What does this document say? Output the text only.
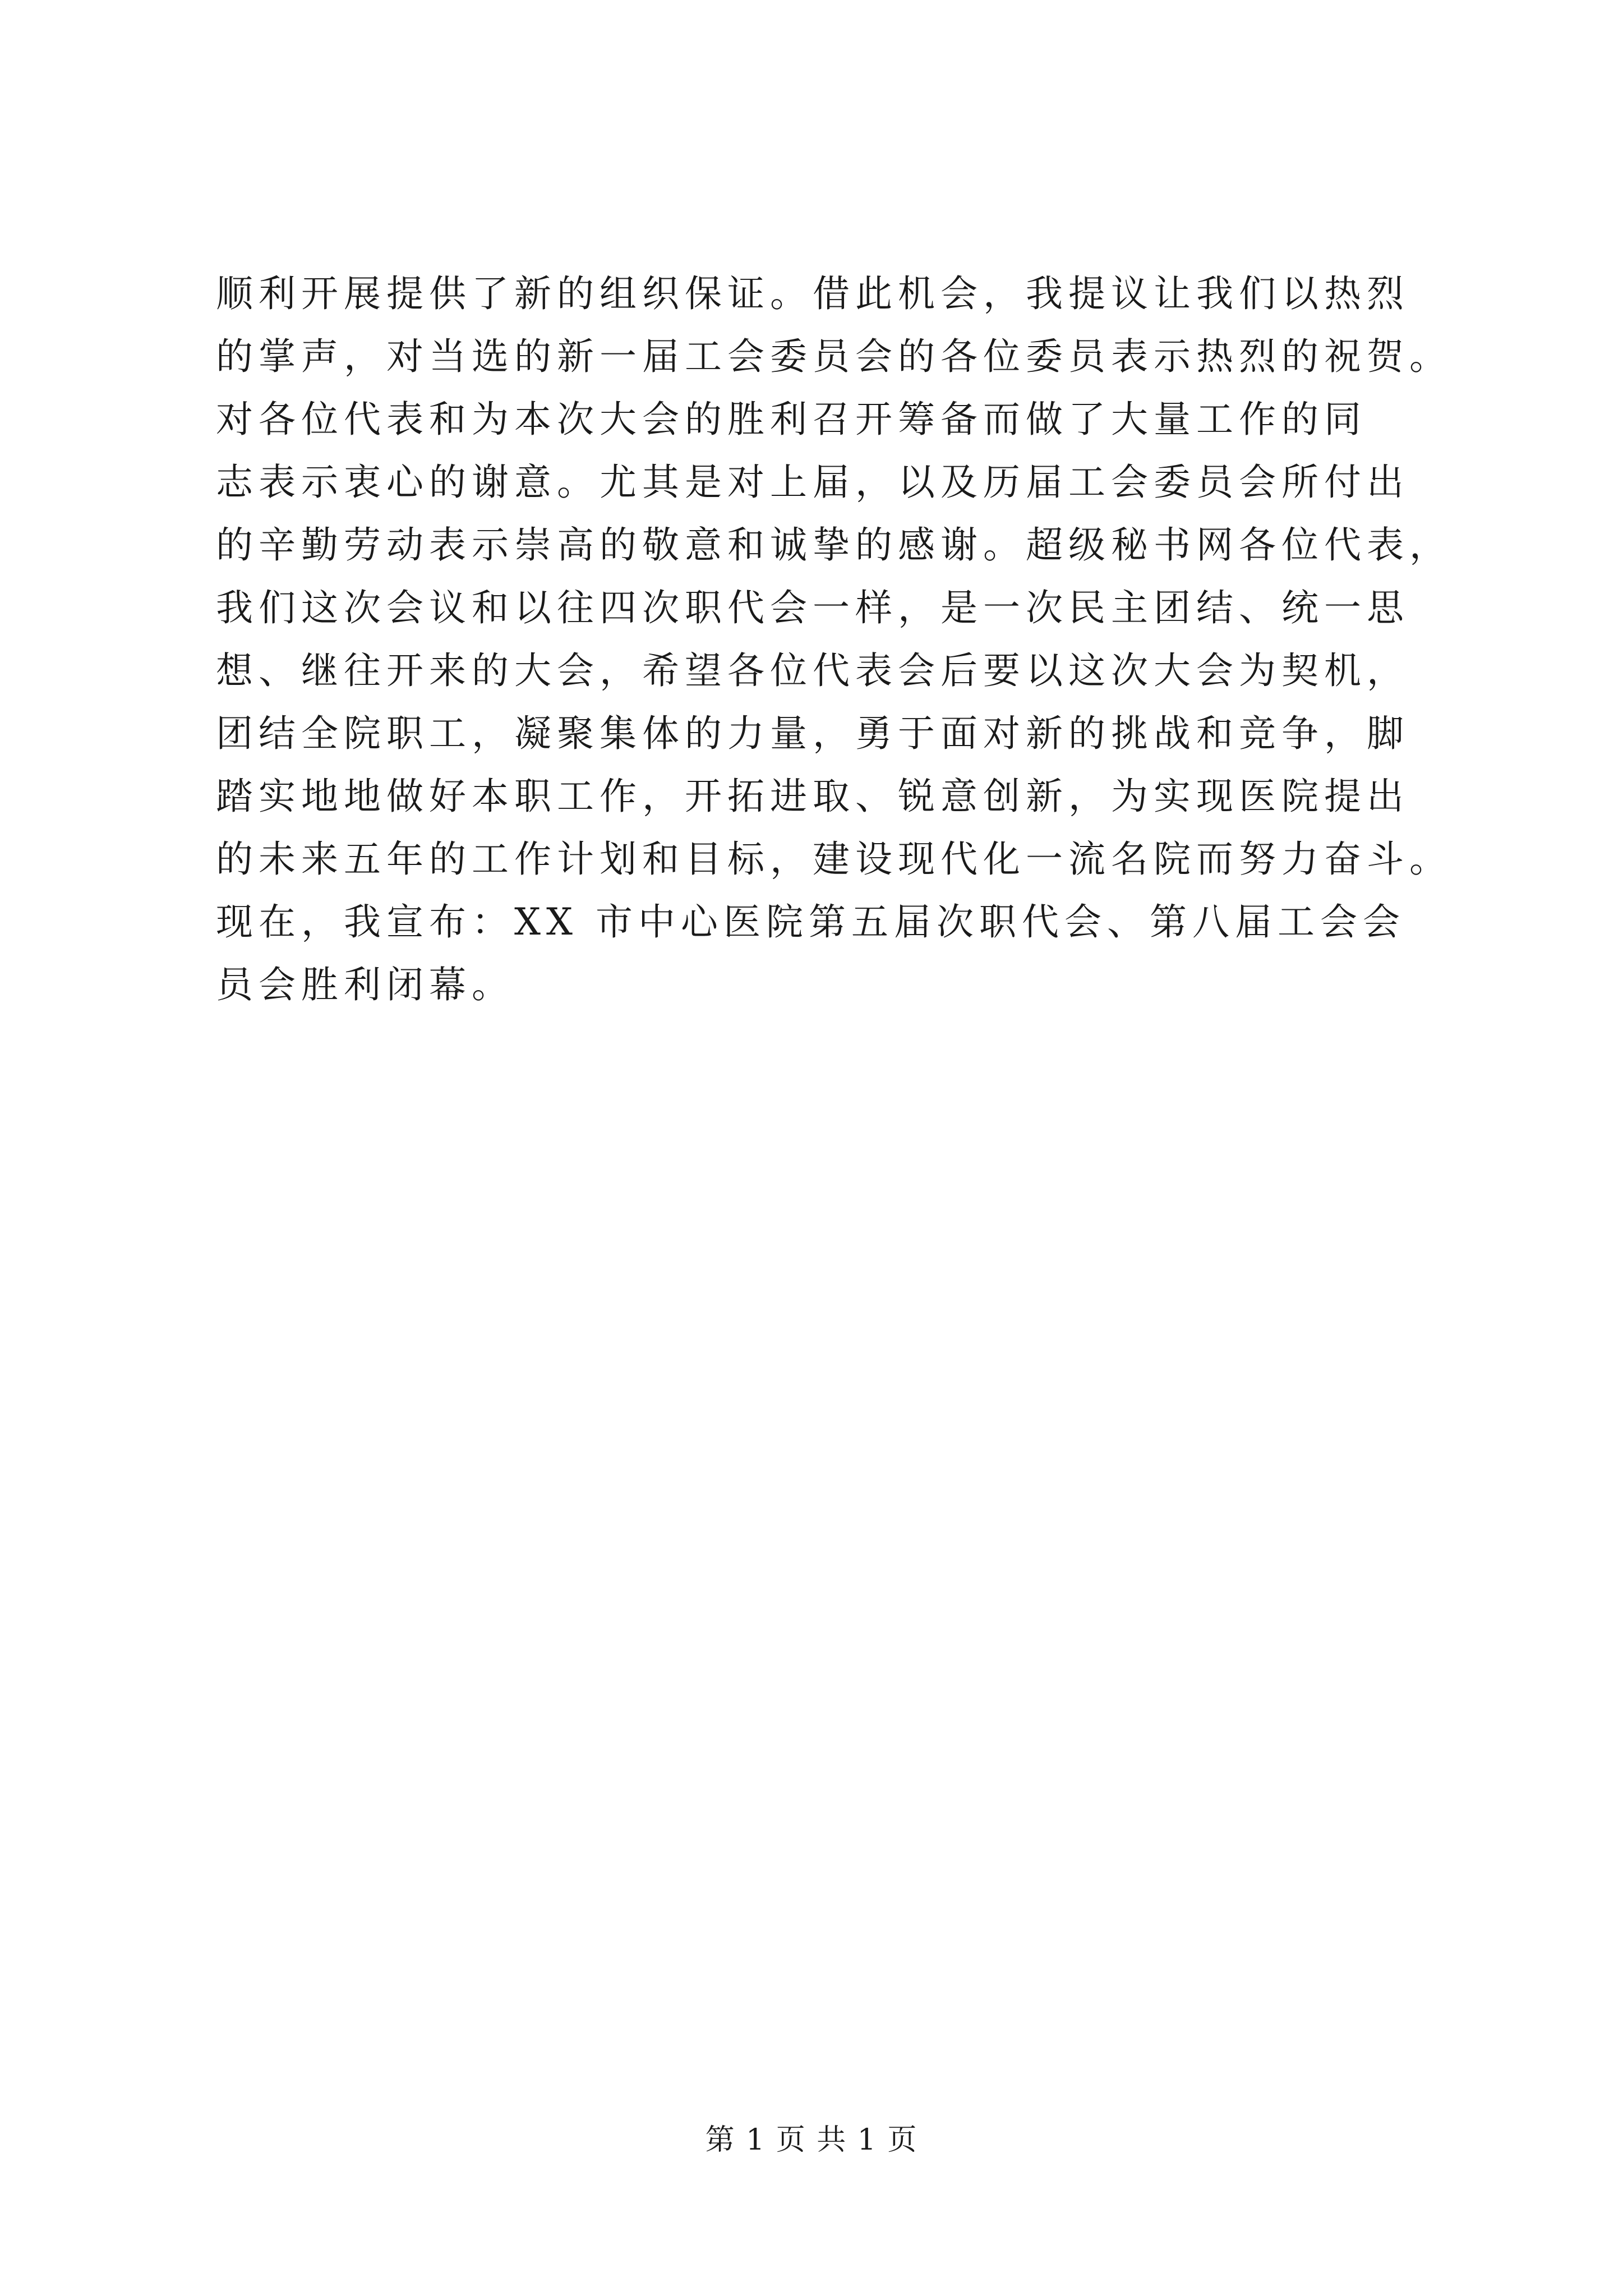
顺利开展提供了新的组织保证。借此机会，我提议让我们以热烈
的掌声，对当选的新一届工会委员会的各位委员表示热烈的祝贺。
对各位代表和为本次大会的胜利召开筹备而做了大量工作的同
志表示衷心的谢意。尤其是对上届，以及历届工会委员会所付出
的辛勤劳动表示崇高的敬意和诚挚的感谢。超级秘书网各位代表，
我们这次会议和以往四次职代会一样，是一次民主团结、统一思
想、继往开来的大会，希望各位代表会后要以这次大会为契机，
团结全院职工，凝聚集体的力量，勇于面对新的挑战和竞争，脚
踏实地地做好本职工作，开拓进取、锐意创新，为实现医院提出
的未来五年的工作计划和目标，建设现代化一流名院而努力奋斗。
现在，我宣布：XX 市中心医院第五届次职代会、第八届工会会
员会胜利闭幕。
第 1 页 共 1 页
